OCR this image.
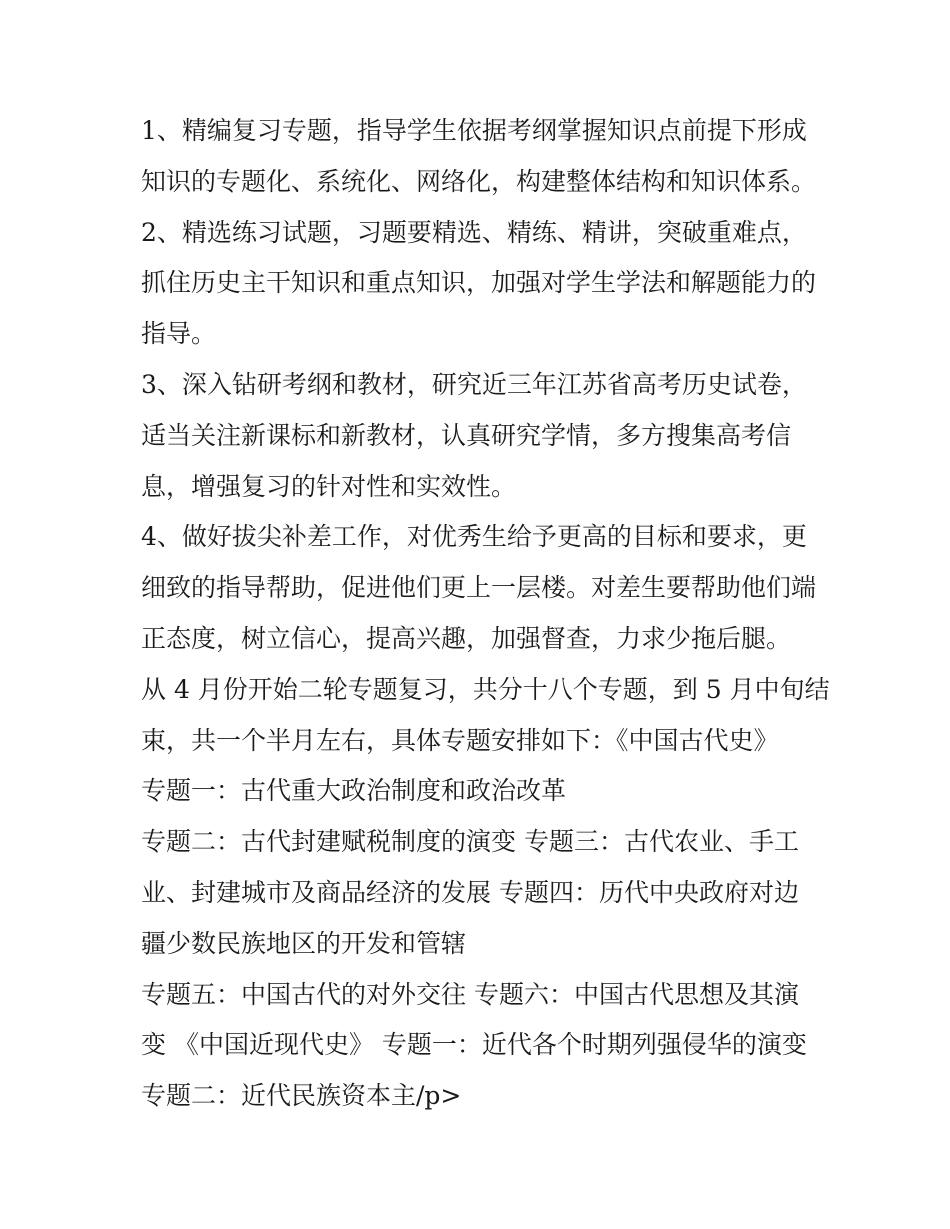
1、精编复习专题，指导学生依据考纲掌握知识点前提下形成
知识的专题化、系统化、网络化，构建整体结构和知识体系。
2、精选练习试题，习题要精选、精练、精讲，突破重难点，
抓住历史主干知识和重点知识，加强对学生学法和解题能力的
指导。
3、深入钻研考纲和教材，研究近三年江苏省高考历史试卷，
适当关注新课标和新教材，认真研究学情，多方搜集高考信
息，增强复习的针对性和实效性。
4、做好拔尖补差工作，对优秀生给予更高的目标和要求，更
细致的指导帮助，促进他们更上一层楼。对差生要帮助他们端
正态度，树立信心，提高兴趣，加强督查，力求少拖后腿。
从 4 月份开始二轮专题复习，共分十八个专题，到 5 月中旬结
束，共一个半月左右，具体专题安排如下：《中国古代史》
专题一：古代重大政治制度和政治改革
专题二：古代封建赋税制度的演变 专题三：古代农业、手工
业、封建城市及商品经济的发展 专题四：历代中央政府对边
疆少数民族地区的开发和管辖
专题五：中国古代的对外交往 专题六：中国古代思想及其演
变 《中国近现代史》 专题一：近代各个时期列强侵华的演变
专题二：近代民族资本主/p>
